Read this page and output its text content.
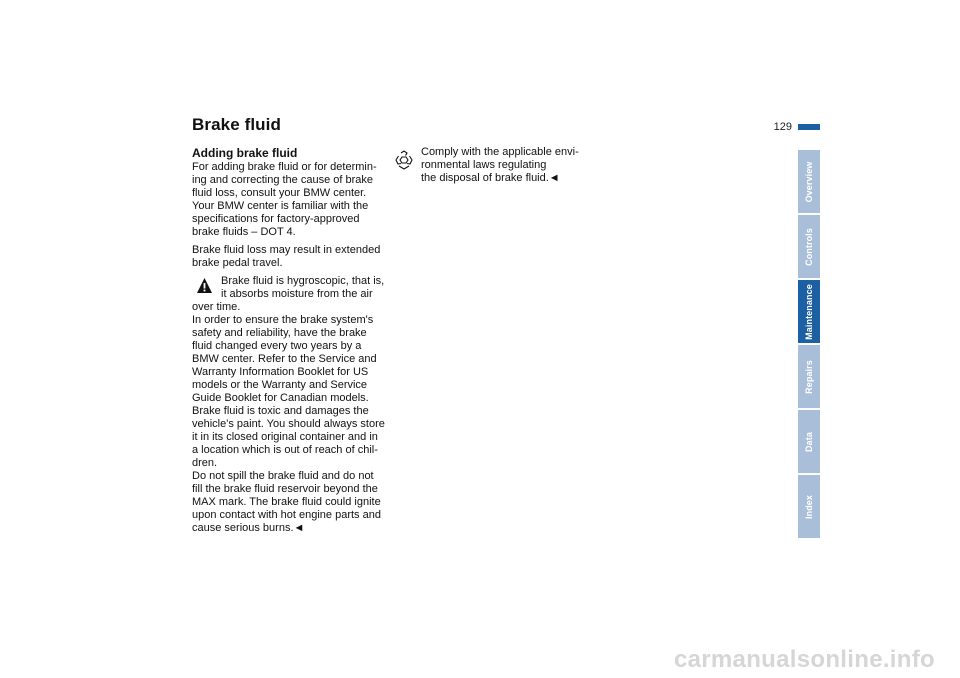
Brake fluid	129
Adding brake fluid
For adding brake fluid or for determin-
ing and correcting the cause of brake
fluid loss, consult your BMW center.
Your BMW center is familiar with the
specifications for factory-approved
brake fluids – DOT 4.
Brake fluid loss may result in extended
brake pedal travel.
Brake fluid is hygroscopic, that is,
it absorbs moisture from the air
over time.
In order to ensure the brake system's
safety and reliability, have the brake
fluid changed every two years by a
BMW center. Refer to the Service and
Warranty Information Booklet for US
models or the Warranty and Service
Guide Booklet for Canadian models.
Brake fluid is toxic and damages the
vehicle's paint. You should always store
it in its closed original container and in
a location which is out of reach of chil-
dren.
Do not spill the brake fluid and do not
fill the brake fluid reservoir beyond the
MAX mark. The brake fluid could ignite
upon contact with hot engine parts and
cause serious burns.◄
Comply with the applicable envi-
ronmental laws regulating
the disposal of brake fluid.◄	Overview
Controls
Maintenance
Repairs
Data
Index
carmanualsonline.info
